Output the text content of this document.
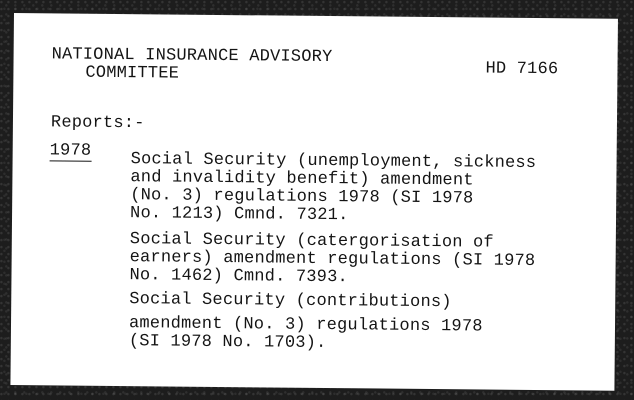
NATIONAL INSURANCE ADVISORY
COMMITTEE	HD 7166
Reports:-
1978 Social Security (unemployment, sickness
and invalidity benefit) amendment
(No. 3) regulations 1978 (SI 1978
No. 1213) Cmnd. 7321.
Social Security (catergorisation of
earners) amendment regulations (SI 1978
No. 1462) Cmnd. 7393.
Social Security (contributions)
amendment (No. 3) regulations 1978
(SI 1978 No. 1703).
